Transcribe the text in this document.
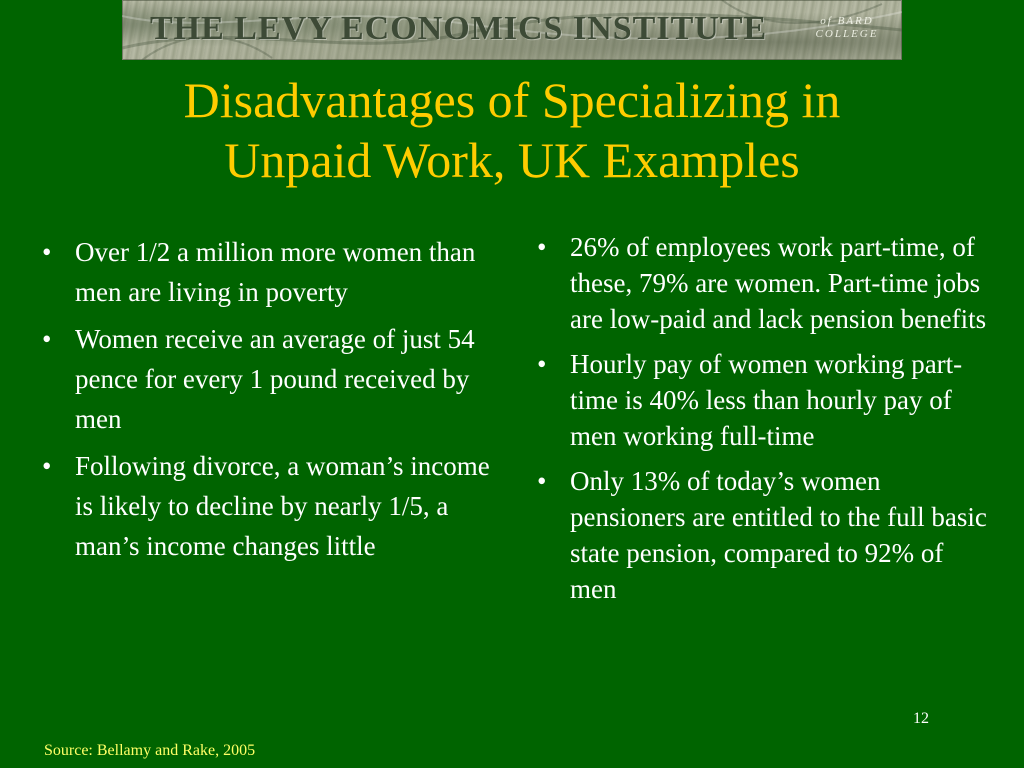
THE LEVY ECONOMICS INSTITUTE	of BARD
COLLEGE
Disadvantages of Specializing in
Unpaid Work, UK Examples
• Over 1/2 a million more women than men are living in poverty
• Women receive an average of just 54 pence for every 1 pound received by men
• Following divorce, a woman’s income is likely to decline by nearly 1/5, a man’s income changes little
• 26% of employees work part-time, of these, 79% are women. Part-time jobs are low-paid and lack pension benefits
• Hourly pay of women working part-time is 40% less than hourly pay of men working full-time
• Only 13% of today’s women pensioners are entitled to the full basic state pension, compared to 92% of men
12
Source: Bellamy and Rake, 2005
